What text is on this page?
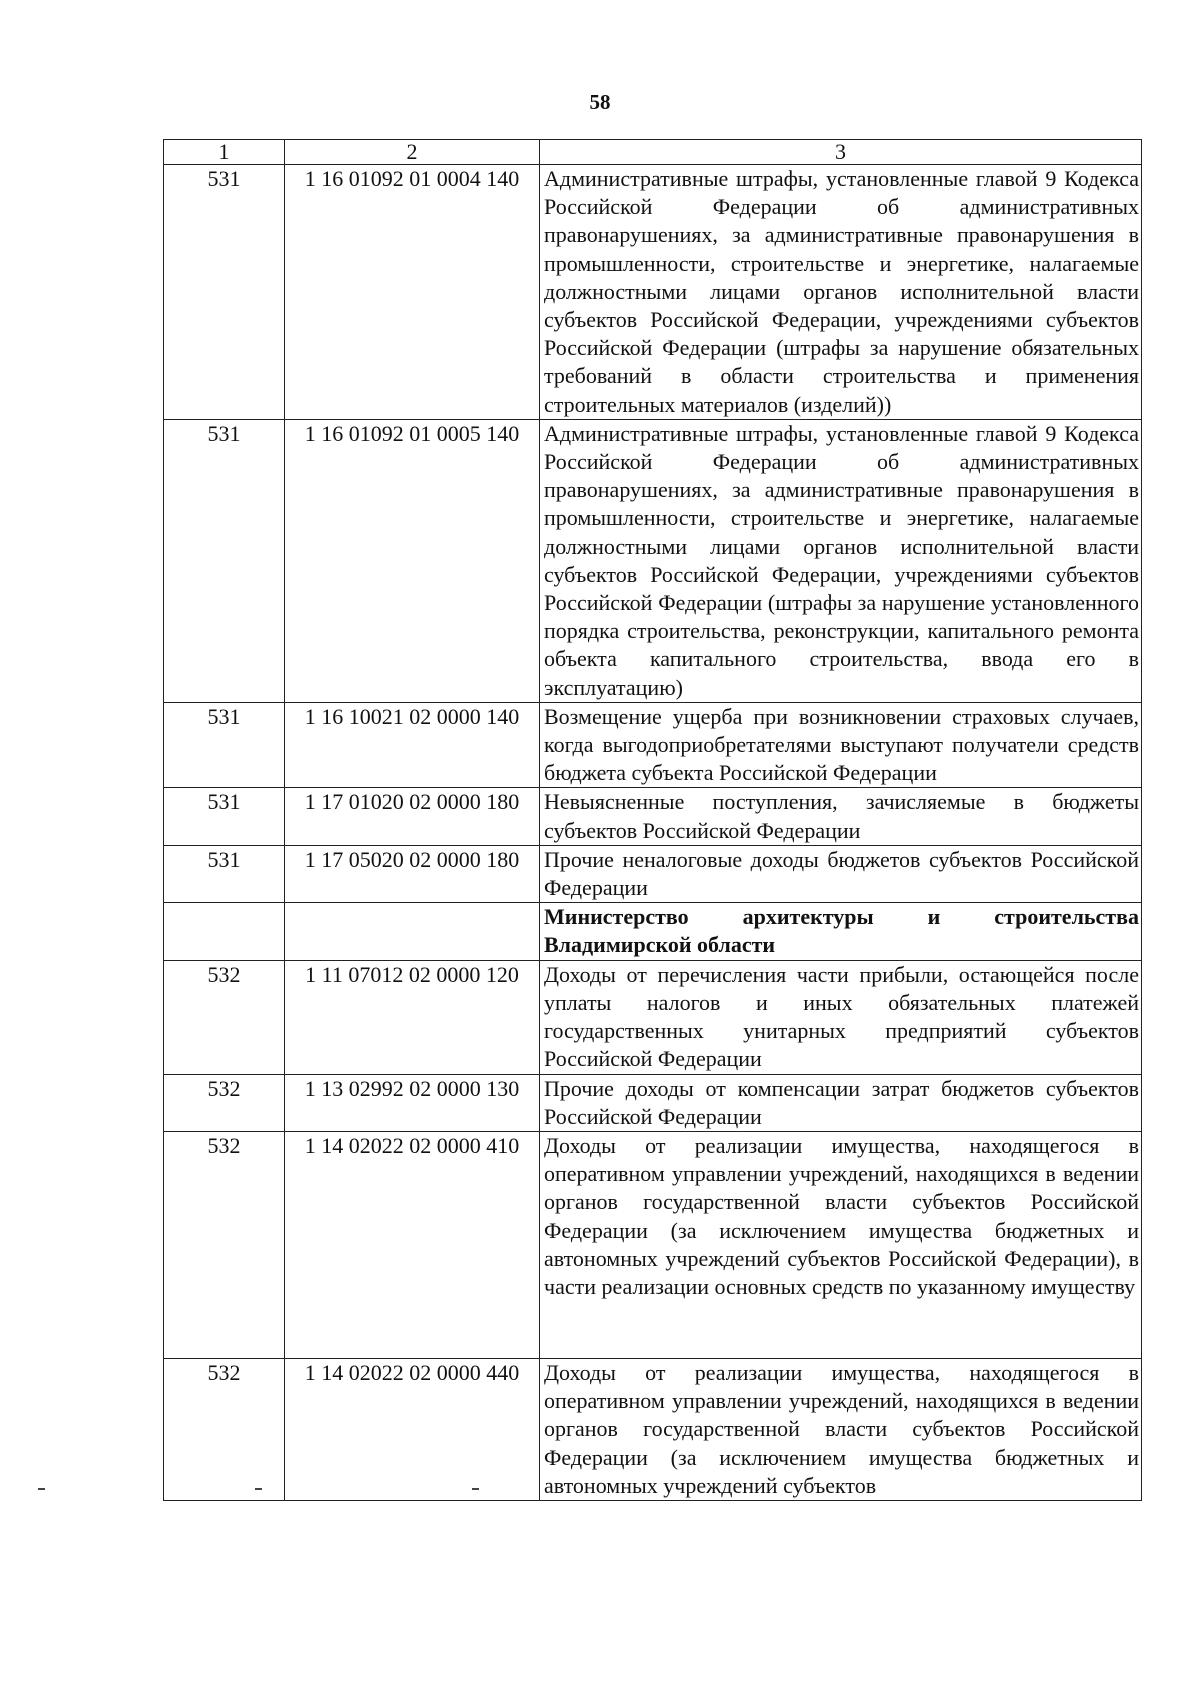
58
1	2	3
531	1 16 01092 01 0004 140	Административные штрафы, установленные главой 9 Кодекса Российской Федерации об административных правонарушениях, за административные правонарушения в промышленности, строительстве и энергетике, налагаемые должностными лицами органов исполнительной власти субъектов Российской Федерации, учреждениями субъектов Российской Федерации (штрафы за нарушение обязательных требований в области строительства и применения строительных материалов (изделий))
531	1 16 01092 01 0005 140	Административные штрафы, установленные главой 9 Кодекса Российской Федерации об административных правонарушениях, за административные правонарушения в промышленности, строительстве и энергетике, налагаемые должностными лицами органов исполнительной власти субъектов Российской Федерации, учреждениями субъектов Российской Федерации (штрафы за нарушение установленного порядка строительства, реконструкции, капитального ремонта объекта капитального строительства, ввода его в эксплуатацию)
531	1 16 10021 02 0000 140	Возмещение ущерба при возникновении страховых случаев, когда выгодоприобретателями выступают получатели средств бюджета субъекта Российской Федерации
531	1 17 01020 02 0000 180	Невыясненные поступления, зачисляемые в бюджеты субъектов Российской Федерации
531	1 17 05020 02 0000 180	Прочие неналоговые доходы бюджетов субъектов Российской Федерации
		Министерство архитектуры и строительства Владимирской области
532	1 11 07012 02 0000 120	Доходы от перечисления части прибыли, остающейся после уплаты налогов и иных обязательных платежей государственных унитарных предприятий субъектов Российской Федерации
532	1 13 02992 02 0000 130	Прочие доходы от компенсации затрат бюджетов субъектов Российской Федерации
532	1 14 02022 02 0000 410	Доходы от реализации имущества, находящегося в оперативном управлении учреждений, находящихся в ведении органов государственной власти субъектов Российской Федерации (за исключением имущества бюджетных и автономных учреждений субъектов Российской Федерации), в части реализации основных средств по указанному имуществу
532	1 14 02022 02 0000 440	Доходы от реализации имущества, находящегося в оперативном управлении учреждений, находящихся в ведении органов государственной власти субъектов Российской Федерации (за исключением имущества бюджетных и автономных учреждений субъектов
